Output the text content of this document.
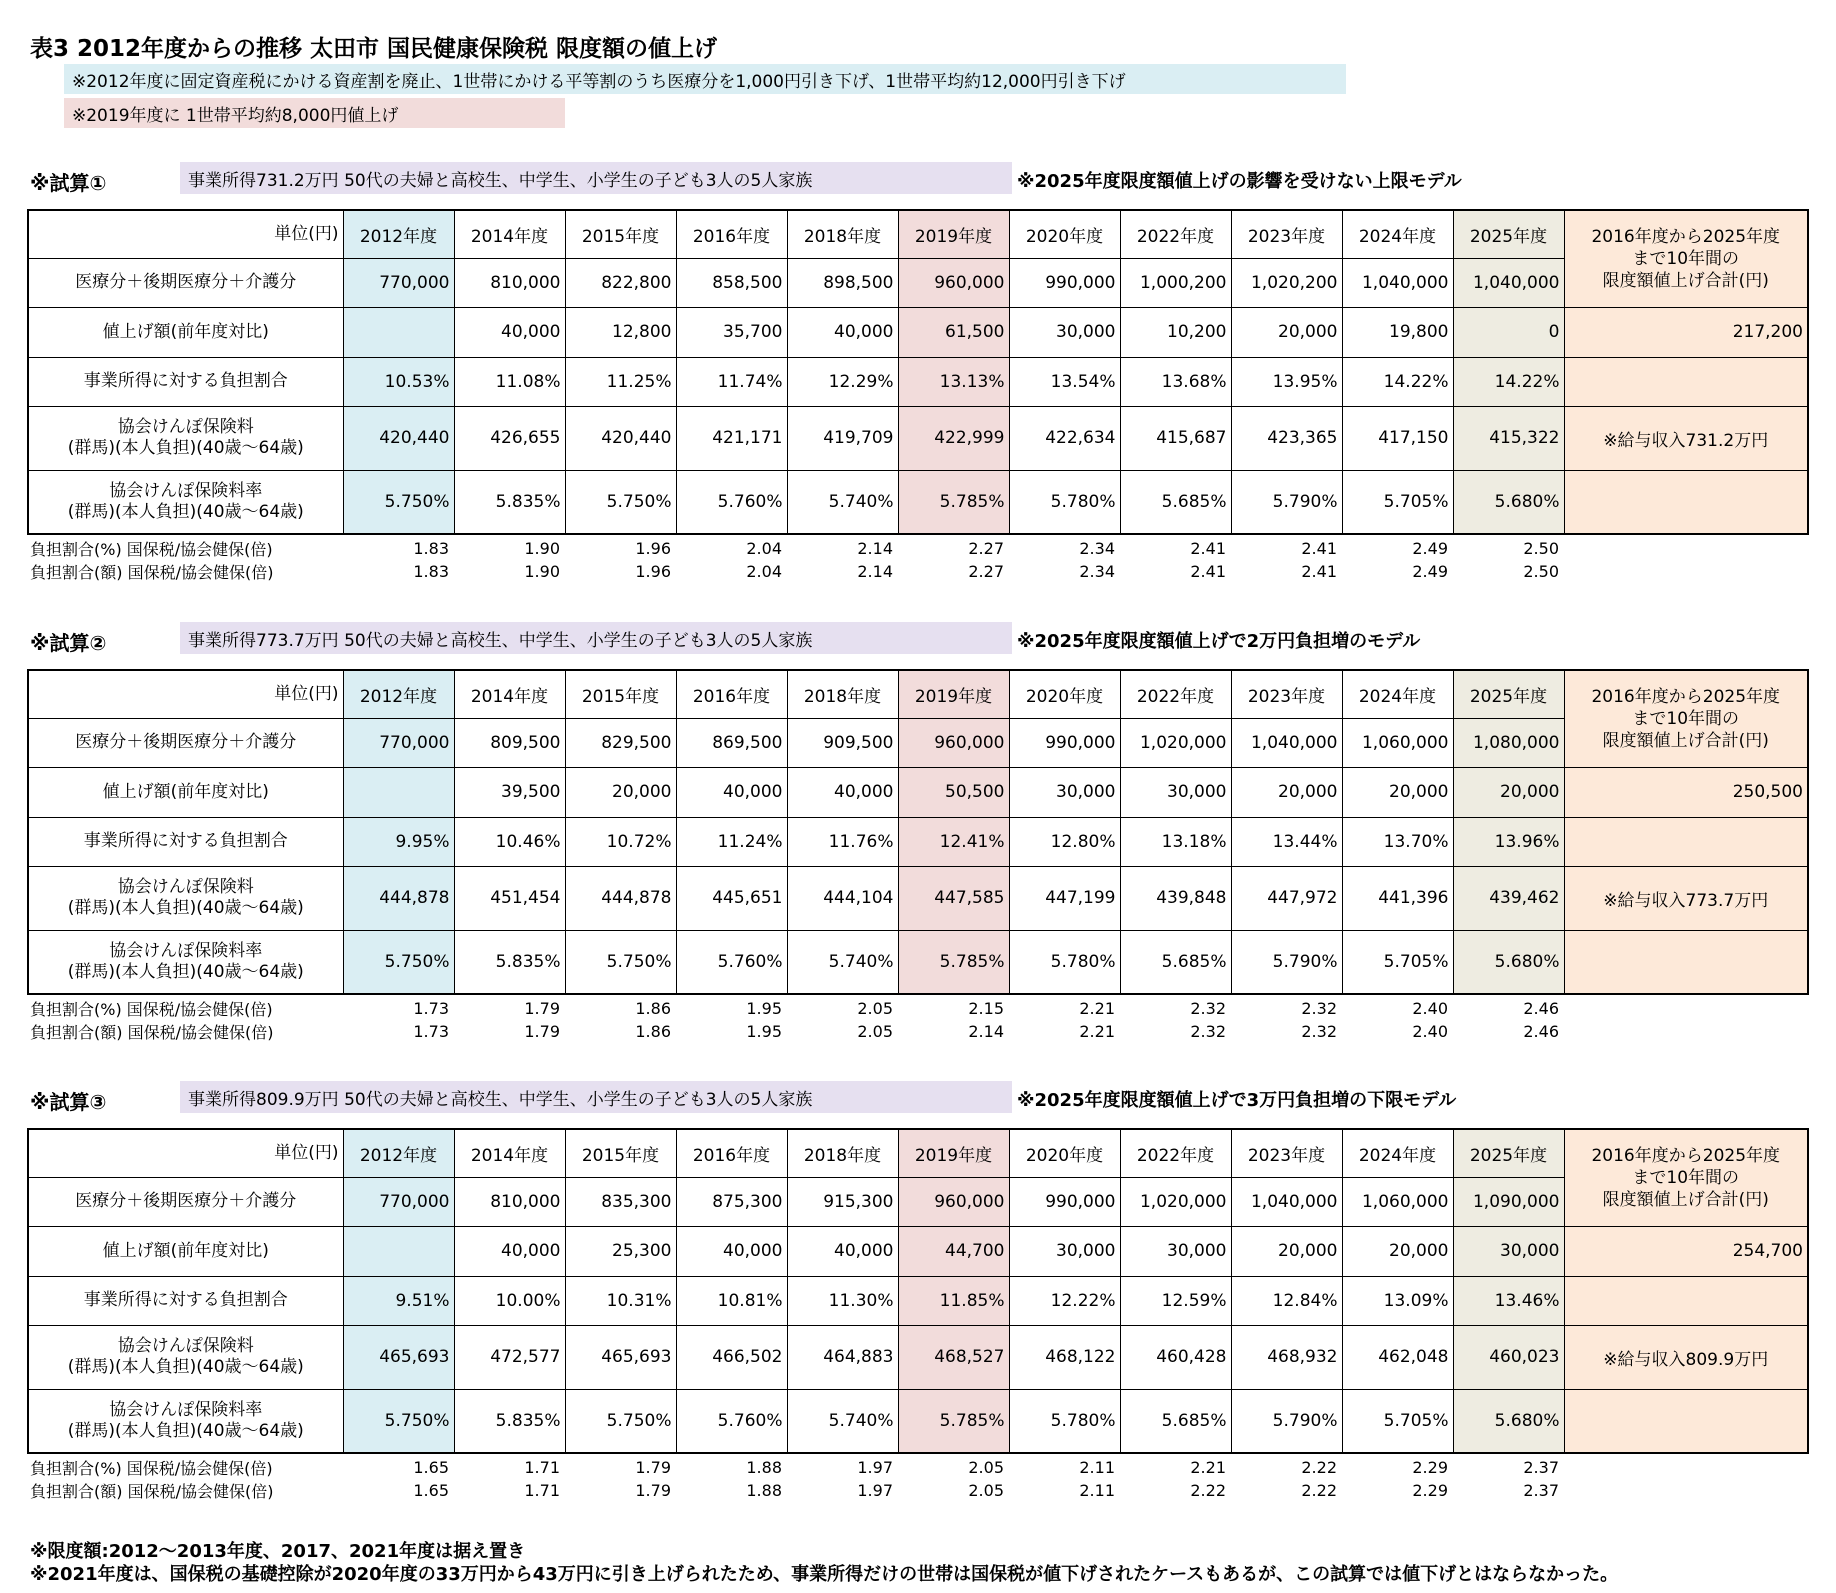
表3 2012年度からの推移 太田市 国民健康保険税 限度額の値上げ
※2012年度に固定資産税にかける資産割を廃止、1世帯にかける平等割のうち医療分を1,000円引き下げ、1世帯平均約12,000円引き下げ
※2019年度に 1世帯平均約8,000円値上げ
※試算①	事業所得731.2万円 50代の夫婦と高校生、中学生、小学生の子ども3人の5人家族	※2025年度限度額値上げの影響を受けない上限モデル
単位(円)	2012年度	2014年度	2015年度	2016年度	2018年度	2019年度	2020年度	2022年度	2023年度	2024年度	2025年度	2016年度から2025年度
まで10年間の
限度額値上げ合計(円)

医療分＋後期医療分＋介護分	770,000	810,000	822,800	858,500	898,500	960,000	990,000	1,000,200	1,020,200	1,040,000	1,040,000	

値上げ額(前年度対比)		40,000	12,800	35,700	40,000	61,500	30,000	10,200	20,000	19,800	0	217,200

事業所得に対する負担割合	10.53%	11.08%	11.25%	11.74%	12.29%	13.13%	13.54%	13.68%	13.95%	14.22%	14.22%	

協会けんぽ保険料
(群馬)(本人負担)(40歳～64歳)	420,440	426,655	420,440	421,171	419,709	422,999	422,634	415,687	423,365	417,150	415,322	※給与収入731.2万円

協会けんぽ保険料率
(群馬)(本人負担)(40歳～64歳)	5.750%	5.835%	5.750%	5.760%	5.740%	5.785%	5.780%	5.685%	5.790%	5.705%	5.680%	
負担割合(%) 国保税/協会健保(倍)	1.83	1.90	1.96	2.04	2.14	2.27	2.34	2.41	2.41	2.49	2.50
負担割合(額) 国保税/協会健保(倍)	1.83	1.90	1.96	2.04	2.14	2.27	2.34	2.41	2.41	2.49	2.50
※試算②	事業所得773.7万円 50代の夫婦と高校生、中学生、小学生の子ども3人の5人家族	※2025年度限度額値上げで2万円負担増のモデル
単位(円)	2012年度	2014年度	2015年度	2016年度	2018年度	2019年度	2020年度	2022年度	2023年度	2024年度	2025年度	2016年度から2025年度
まで10年間の
限度額値上げ合計(円)

医療分＋後期医療分＋介護分	770,000	809,500	829,500	869,500	909,500	960,000	990,000	1,020,000	1,040,000	1,060,000	1,080,000	

値上げ額(前年度対比)		39,500	20,000	40,000	40,000	50,500	30,000	30,000	20,000	20,000	20,000	250,500

事業所得に対する負担割合	9.95%	10.46%	10.72%	11.24%	11.76%	12.41%	12.80%	13.18%	13.44%	13.70%	13.96%	

協会けんぽ保険料
(群馬)(本人負担)(40歳～64歳)	444,878	451,454	444,878	445,651	444,104	447,585	447,199	439,848	447,972	441,396	439,462	※給与収入773.7万円

協会けんぽ保険料率
(群馬)(本人負担)(40歳～64歳)	5.750%	5.835%	5.750%	5.760%	5.740%	5.785%	5.780%	5.685%	5.790%	5.705%	5.680%	
負担割合(%) 国保税/協会健保(倍)	1.73	1.79	1.86	1.95	2.05	2.15	2.21	2.32	2.32	2.40	2.46
負担割合(額) 国保税/協会健保(倍)	1.73	1.79	1.86	1.95	2.05	2.14	2.21	2.32	2.32	2.40	2.46
※試算③	事業所得809.9万円 50代の夫婦と高校生、中学生、小学生の子ども3人の5人家族	※2025年度限度額値上げで3万円負担増の下限モデル
単位(円)	2012年度	2014年度	2015年度	2016年度	2018年度	2019年度	2020年度	2022年度	2023年度	2024年度	2025年度	2016年度から2025年度
まで10年間の
限度額値上げ合計(円)

医療分＋後期医療分＋介護分	770,000	810,000	835,300	875,300	915,300	960,000	990,000	1,020,000	1,040,000	1,060,000	1,090,000	

値上げ額(前年度対比)		40,000	25,300	40,000	40,000	44,700	30,000	30,000	20,000	20,000	30,000	254,700

事業所得に対する負担割合	9.51%	10.00%	10.31%	10.81%	11.30%	11.85%	12.22%	12.59%	12.84%	13.09%	13.46%	

協会けんぽ保険料
(群馬)(本人負担)(40歳～64歳)	465,693	472,577	465,693	466,502	464,883	468,527	468,122	460,428	468,932	462,048	460,023	※給与収入809.9万円

協会けんぽ保険料率
(群馬)(本人負担)(40歳～64歳)	5.750%	5.835%	5.750%	5.760%	5.740%	5.785%	5.780%	5.685%	5.790%	5.705%	5.680%	
負担割合(%) 国保税/協会健保(倍)	1.65	1.71	1.79	1.88	1.97	2.05	2.11	2.21	2.22	2.29	2.37
負担割合(額) 国保税/協会健保(倍)	1.65	1.71	1.79	1.88	1.97	2.05	2.11	2.22	2.22	2.29	2.37
※限度額:2012～2013年度、2017、2021年度は据え置き
※2021年度は、国保税の基礎控除が2020年度の33万円から43万円に引き上げられたため、事業所得だけの世帯は国保税が値下げされたケースもあるが、この試算では値下げとはならなかった。
